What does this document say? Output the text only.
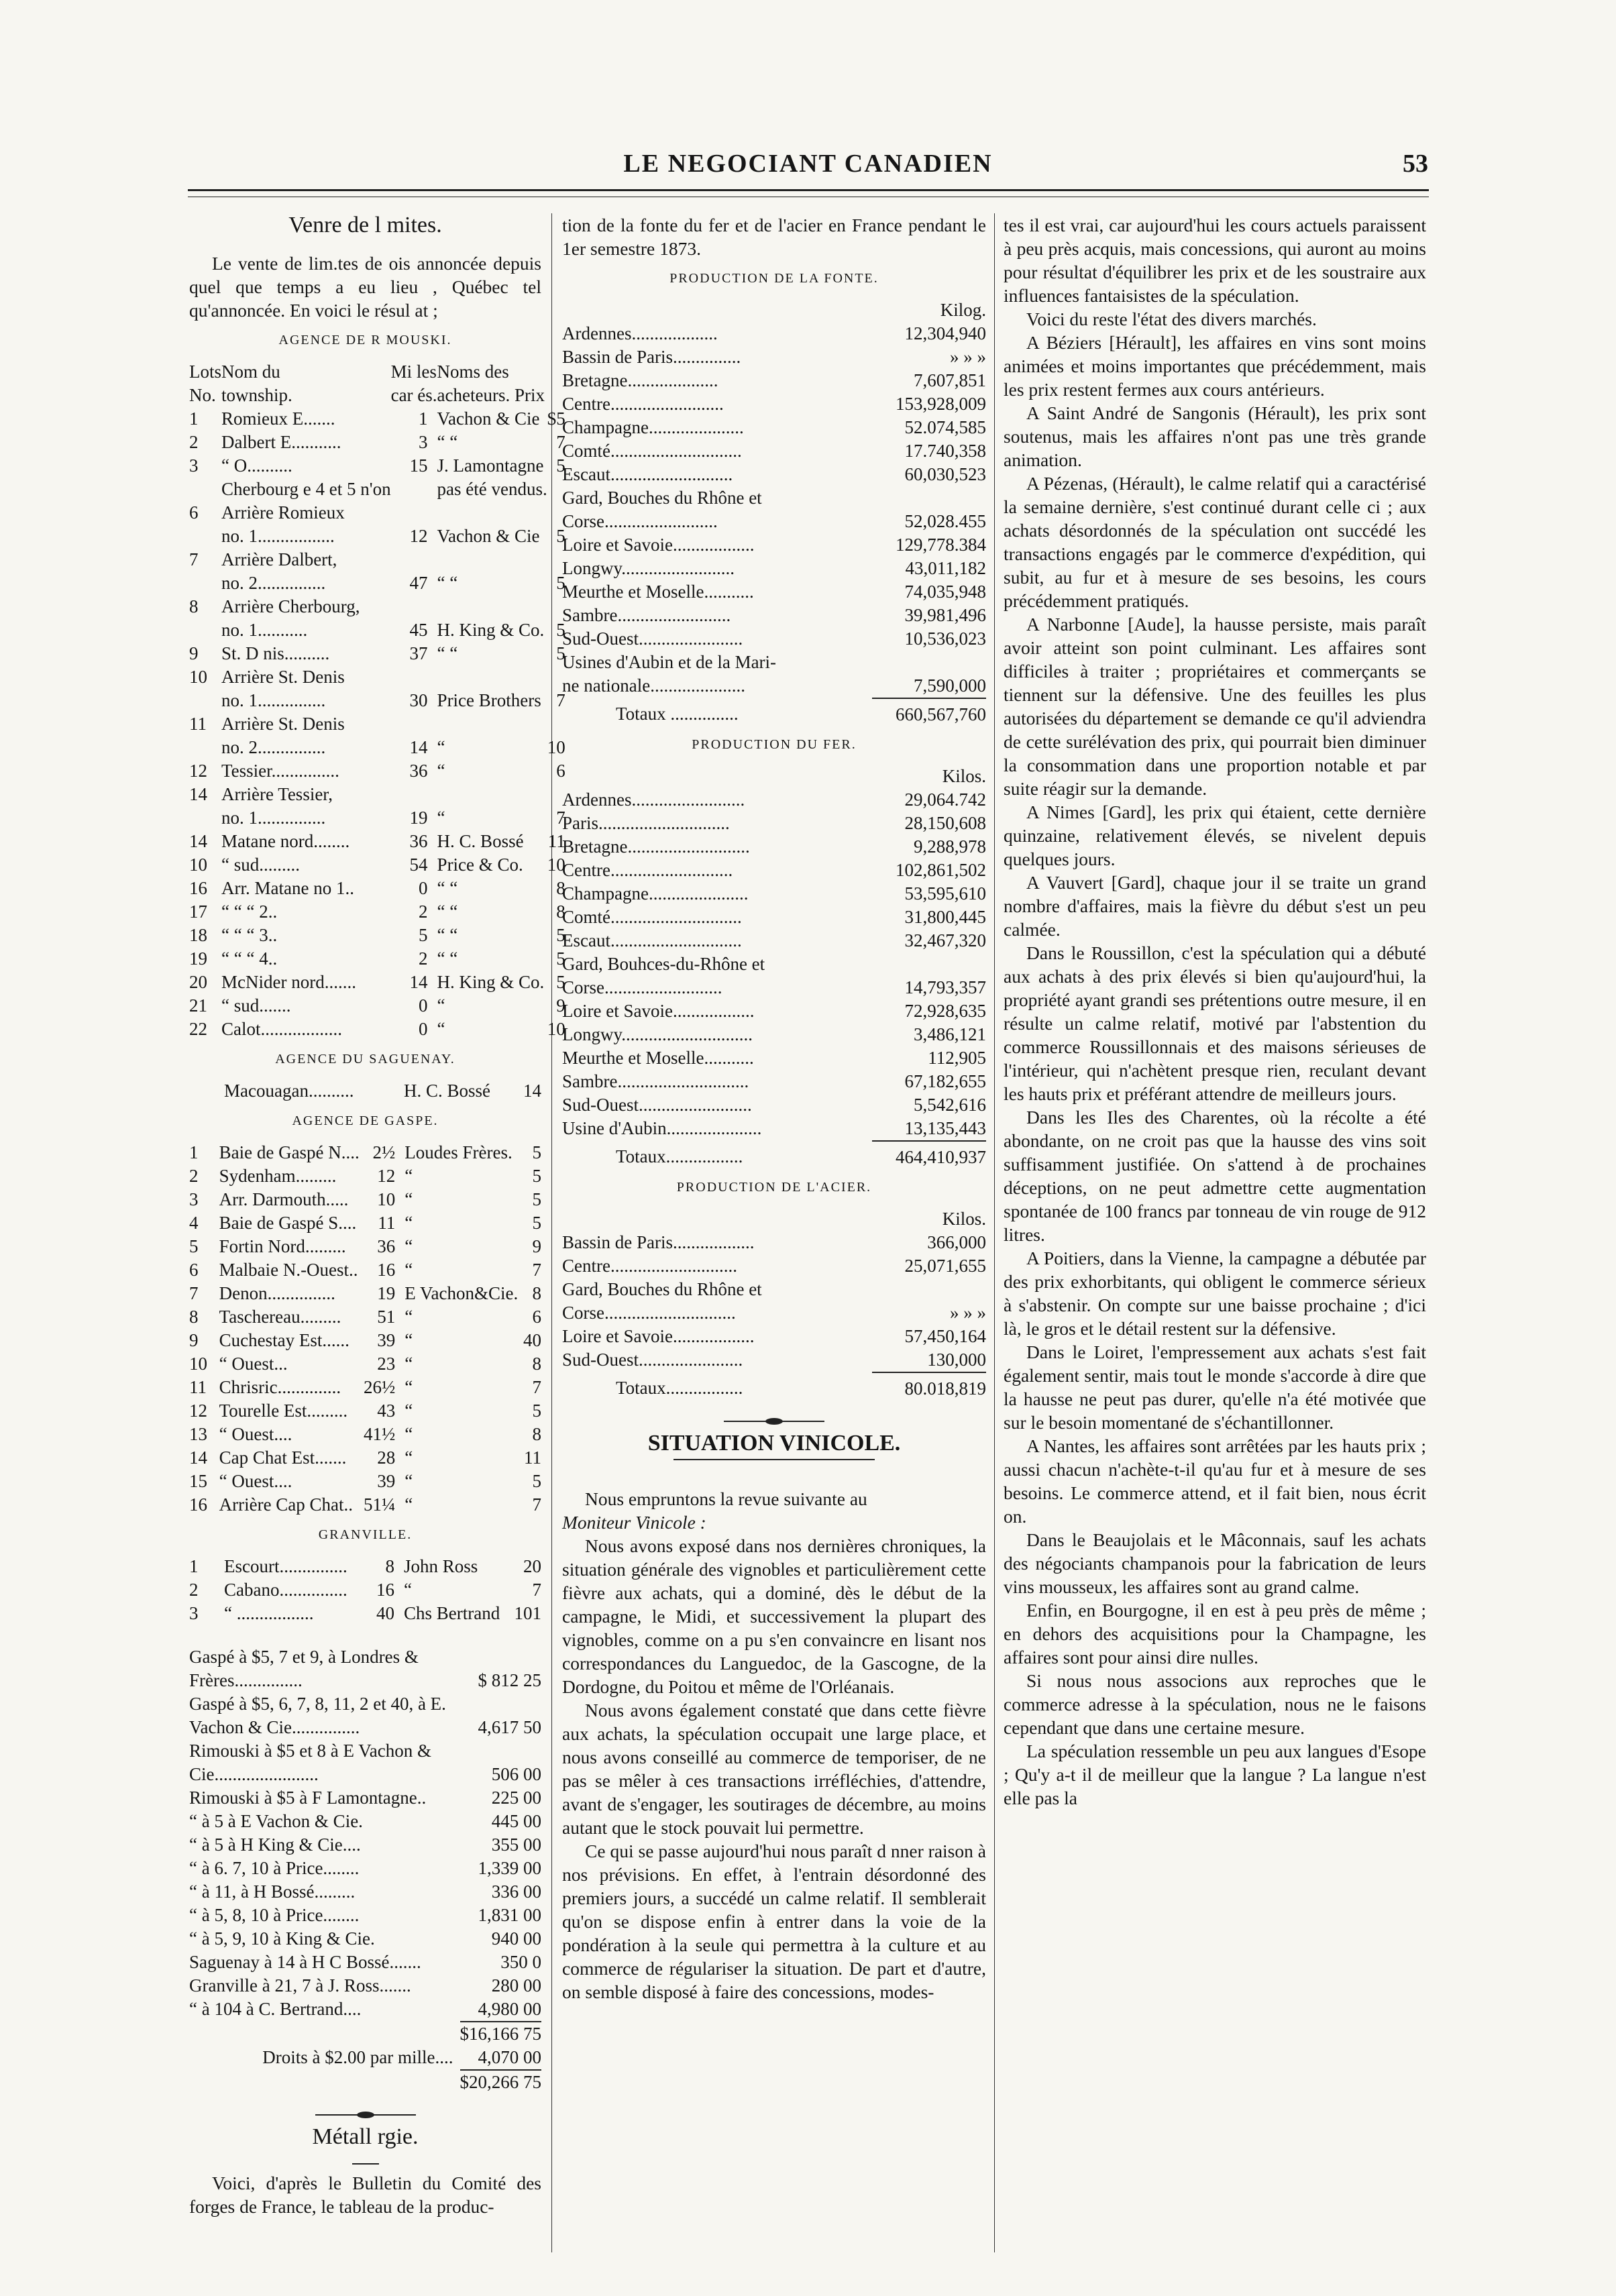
LE NEGOCIANT CANADIEN	53
Venre de l mites.

Le vente de lim.tes de ois annoncée depuis quel que temps a eu lieu , Québec tel qu'annoncée. En voici le résul at ;

AGENCE DE R MOUSKI.
Lots	Nom du	Mi les	Noms des	
No.	township.	car és.	acheteurs. Prix	
1	Romieux E.......	1	Vachon & Cie	$5
2	Dalbert E...........	3	“ “	7
3	“ O..........	15	J. Lamontagne	5
	Cherbourg e 4 et 5 n'on		pas été vendus.	
6	Arrière Romieux			
	no. 1.................	12	Vachon & Cie	5
7	Arrière Dalbert,			
	no. 2...............	47	“ “	5
8	Arrière Cherbourg,			
	no. 1...........	45	H. King & Co.	5
9	St. D nis..........	37	“ “	5
10	Arrière St. Denis			
	no. 1...............	30	Price Brothers	7
11	Arrière St. Denis			
	no. 2...............	14	“	10
12	Tessier...............	36	“	6
14	Arrière Tessier,			
	no. 1...............	19	“	7
14	Matane nord........	36	H. C. Bossé	11
10	“ sud.........	54	Price & Co.	10
16	Arr. Matane no 1..	0	“ “	8
17	“ “ “ 2..	2	“ “	8
18	“ “ “ 3..	5	“ “	5
19	“ “ “ 4..	2	“ “	5
20	McNider nord.......	14	H. King & Co.	5
21	“ sud.......	0	“	9
22	Calot..................	0	“	10
AGENCE DU SAGUENAY.
	Macouagan..........		H. C. Bossé	14
AGENCE DE GASPE.
1	Baie de Gaspé N....	2½	Loudes Frères.	5
2	Sydenham.........	12	“	5
3	Arr. Darmouth.....	10	“	5
4	Baie de Gaspé S....	11	“	5
5	Fortin Nord.........	36	“	9
6	Malbaie N.-Ouest..	16	“	7
7	Denon...............	19	E Vachon&Cie.	8
8	Taschereau.........	51	“	6
9	Cuchestay Est......	39	“	40
10	“ Ouest...	23	“	8
11	Chrisric..............	26½	“	7
12	Tourelle Est.........	43	“	5
13	“ Ouest....	41½	“	8
14	Cap Chat Est.......	28	“	11
15	“ Ouest....	39	“	5
16	Arrière Cap Chat..	51¼	“	7
GRANVILLE.
1	Escourt...............	8	John Ross	20
2	Cabano...............	16	“	7
3	“ .................	40	Chs Bertrand	101
Gaspé à $5, 7 et 9, à Londres & Frères...............	$ 812 25
Gaspé à $5, 6, 7, 8, 11, 2 et 40, à E. Vachon & Cie...............	4,617 50
Rimouski à $5 et 8 à E Vachon & Cie.......................	506 00
Rimouski à $5 à F Lamontagne..	225 00
“ à 5 à E Vachon & Cie.	445 00
“ à 5 à H King & Cie....	355 00
“ à 6. 7, 10 à Price........	1,339 00
“ à 11, à H Bossé.........	336 00
“ à 5, 8, 10 à Price........	1,831 00
“ à 5, 9, 10 à King & Cie.	940 00
Saguenay à 14 à H C Bossé.......	350 0
Granville à 21, 7 à J. Ross.......	280 00
“ à 104 à C. Bertrand....	4,980 00
	$16,166 75
Droits à $2.00 par mille....	4,070 00
	$20,266 75
Métall rgie.

Voici, d'après le Bulletin du Comité des forges de France, le tableau de la produc-

tion de la fonte du fer et de l'acier en France pendant le 1er semestre 1873.

PRODUCTION DE LA FONTE.
	Kilog.
Ardennes...................	12,304,940
Bassin de Paris...............	» » »
Bretagne....................	7,607,851
Centre.........................	153,928,009
Champagne.....................	52.074,585
Comté.............................	17.740,358
Escaut...........................	60,030,523
Gard, Bouches du Rhône et	
Corse.........................	52,028.455
Loire et Savoie..................	129,778.384
Longwy.........................	43,011,182
Meurthe et Moselle...........	74,035,948
Sambre.........................	39,981,496
Sud-Ouest.......................	10,536,023
Usines d'Aubin et de la Mari-	
ne nationale.....................	7,590,000
Totaux ...............	660,567,760
PRODUCTION DU FER.
	Kilos.
Ardennes.........................	29,064.742
Paris.............................	28,150,608
Bretagne...........................	9,288,978
Centre...........................	102,861,502
Champagne......................	53,595,610
Comté.............................	31,800,445
Escaut.............................	32,467,320
Gard, Bouhces-du-Rhône et	
Corse..........................	14,793,357
Loire et Savoie..................	72,928,635
Longwy.............................	3,486,121
Meurthe et Moselle...........	112,905
Sambre.............................	67,182,655
Sud-Ouest.........................	5,542,616
Usine d'Aubin.....................	13,135,443
Totaux.................	464,410,937
PRODUCTION DE L'ACIER.
	Kilos.
Bassin de Paris..................	366,000
Centre............................	25,071,655
Gard, Bouches du Rhône et	
Corse.............................	» » »
Loire et Savoie..................	57,450,164
Sud-Ouest.......................	130,000
Totaux.................	80.018,819
SITUATION VINICOLE.

Nous empruntons la revue suivante au

Moniteur Vinicole :

Nous avons exposé dans nos dernières chroniques, la situation générale des vignobles et particulièrement cette fièvre aux achats, qui a dominé, dès le début de la campagne, le Midi, et successivement la plupart des vignobles, comme on a pu s'en convaincre en lisant nos correspondances du Languedoc, de la Gascogne, de la Dordogne, du Poitou et même de l'Orléanais.

Nous avons également constaté que dans cette fièvre aux achats, la spéculation occupait une large place, et nous avons conseillé au commerce de temporiser, de ne pas se mêler à ces transactions irréfléchies, d'attendre, avant de s'engager, les soutirages de décembre, au moins autant que le stock pouvait lui permettre.

Ce qui se passe aujourd'hui nous paraît d nner raison à nos prévisions. En effet, à l'entrain désordonné des premiers jours, a succédé un calme relatif. Il semblerait qu'on se dispose enfin à entrer dans la voie de la pondération à la seule qui permettra à la culture et au commerce de régulariser la situation. De part et d'autre, on semble disposé à faire des concessions, modes-

tes il est vrai, car aujourd'hui les cours actuels paraissent à peu près acquis, mais concessions, qui auront au moins pour résultat d'équilibrer les prix et de les soustraire aux influences fantaisistes de la spéculation.

Voici du reste l'état des divers marchés.

A Béziers [Hérault], les affaires en vins sont moins animées et moins importantes que précédemment, mais les prix restent fermes aux cours antérieurs.

A Saint André de Sangonis (Hérault), les prix sont soutenus, mais les affaires n'ont pas une très grande animation.

A Pézenas, (Hérault), le calme relatif qui a caractérisé la semaine dernière, s'est continué durant celle ci ; aux achats désordonnés de la spéculation ont succédé les transactions engagés par le commerce d'expédition, qui subit, au fur et à mesure de ses besoins, les cours précédemment pratiqués.

A Narbonne [Aude], la hausse persiste, mais paraît avoir atteint son point culminant. Les affaires sont difficiles à traiter ; propriétaires et commerçants se tiennent sur la défensive. Une des feuilles les plus autorisées du département se demande ce qu'il adviendra de cette surélévation des prix, qui pourrait bien diminuer la consommation dans une proportion notable et par suite réagir sur la demande.

A Nimes [Gard], les prix qui étaient, cette dernière quinzaine, relativement élevés, se nivelent depuis quelques jours.

A Vauvert [Gard], chaque jour il se traite un grand nombre d'affaires, mais la fièvre du début s'est un peu calmée.

Dans le Roussillon, c'est la spéculation qui a débuté aux achats à des prix élevés si bien qu'aujourd'hui, la propriété ayant grandi ses prétentions outre mesure, il en résulte un calme relatif, motivé par l'abstention du commerce Roussillonnais et des maisons sérieuses de l'intérieur, qui n'achètent presque rien, reculant devant les hauts prix et préférant attendre de meilleurs jours.

Dans les Iles des Charentes, où la récolte a été abondante, on ne croit pas que la hausse des vins soit suffisamment justifiée. On s'attend à de prochaines déceptions, on ne peut admettre cette augmentation spontanée de 100 francs par tonneau de vin rouge de 912 litres.

A Poitiers, dans la Vienne, la campagne a débutée par des prix exhorbitants, qui obligent le commerce sérieux à s'abstenir. On compte sur une baisse prochaine ; d'ici là, le gros et le détail restent sur la défensive.

Dans le Loiret, l'empressement aux achats s'est fait également sentir, mais tout le monde s'accorde à dire que la hausse ne peut pas durer, qu'elle n'a été motivée que sur le besoin momentané de s'échantillonner.

A Nantes, les affaires sont arrêtées par les hauts prix ; aussi chacun n'achète-t-il qu'au fur et à mesure de ses besoins. Le commerce attend, et il fait bien, nous écrit on.

Dans le Beaujolais et le Mâconnais, sauf les achats des négociants champanois pour la fabrication de leurs vins mousseux, les affaires sont au grand calme.

Enfin, en Bourgogne, il en est à peu près de même ; en dehors des acquisitions pour la Champagne, les affaires sont pour ainsi dire nulles.

Si nous nous associons aux reproches que le commerce adresse à la spéculation, nous ne le faisons cependant que dans une certaine mesure.

La spéculation ressemble un peu aux langues d'Esope ; Qu'y a-t il de meilleur que la langue ? La langue n'est elle pas la
